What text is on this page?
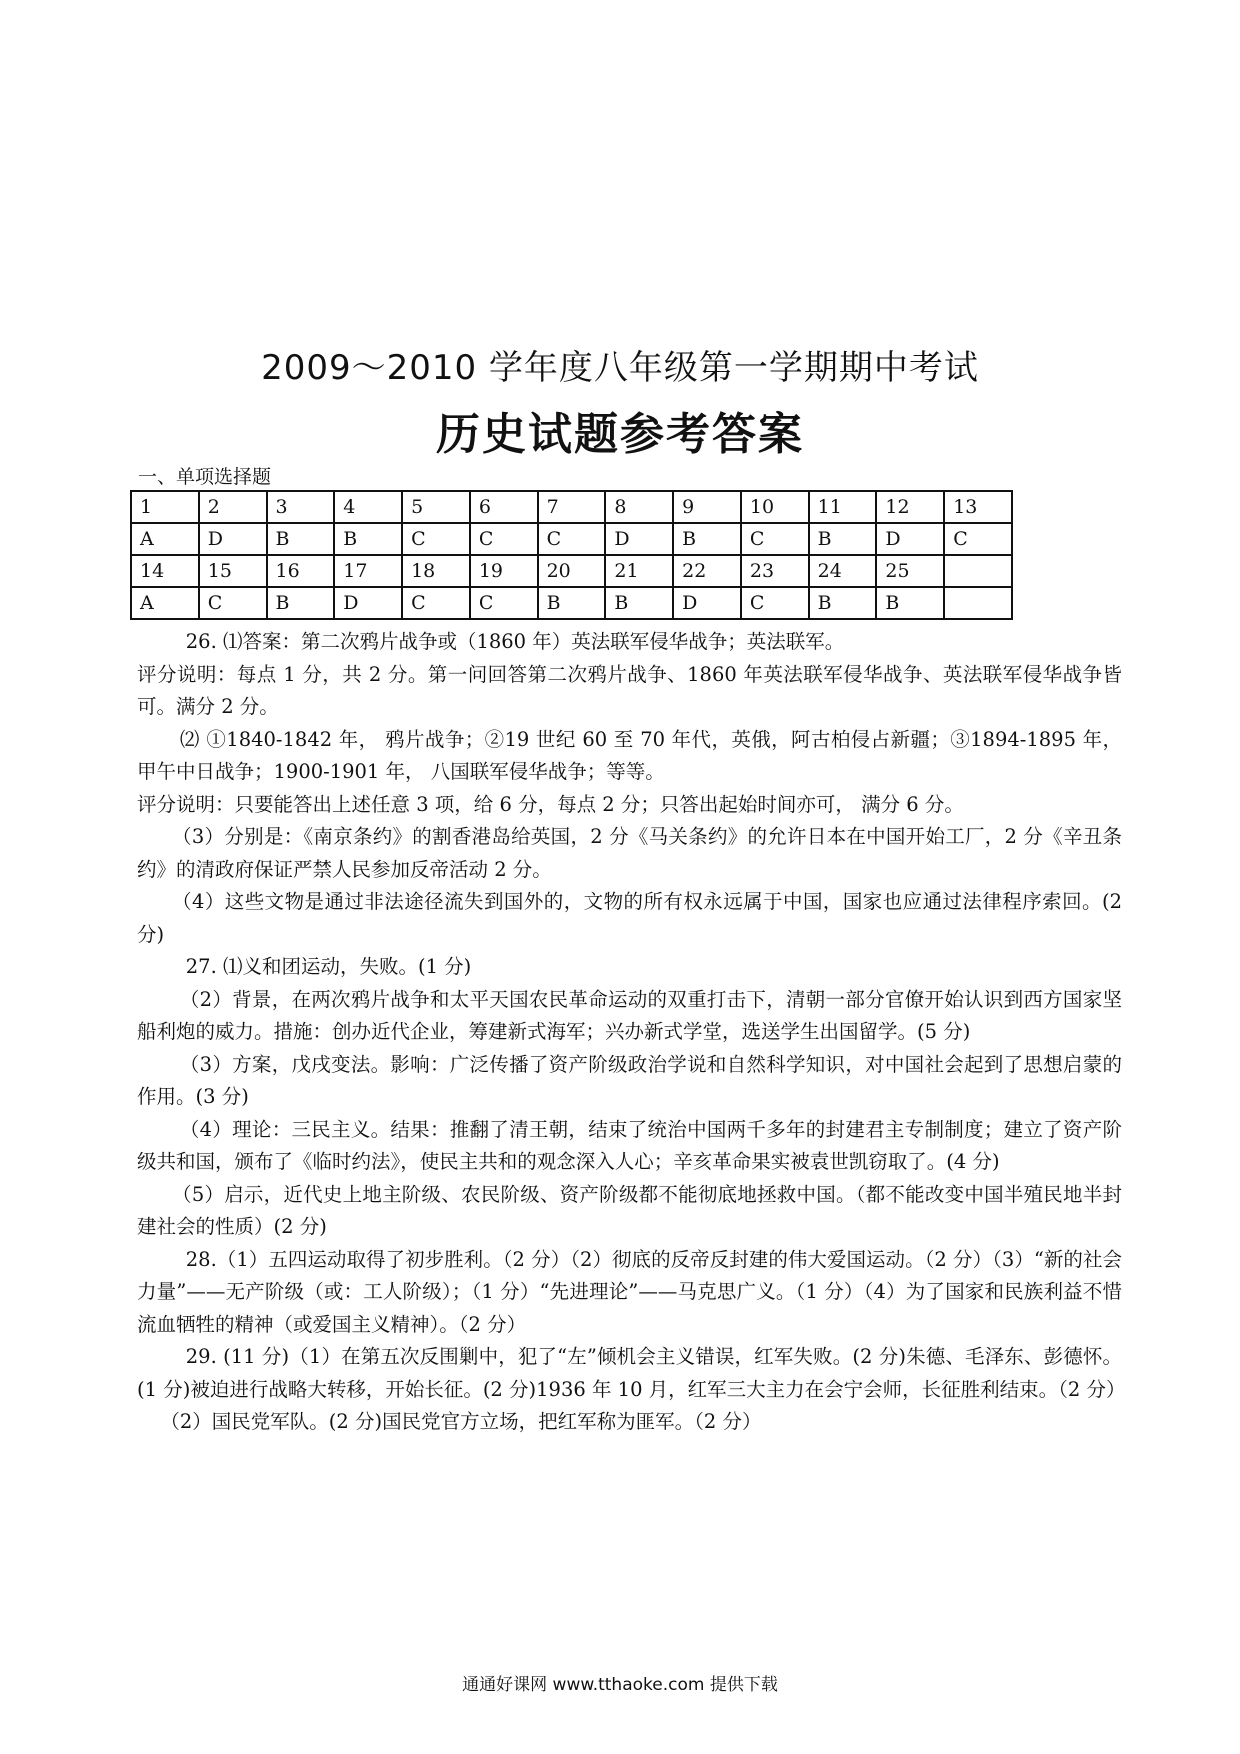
2009～2010 学年度八年级第一学期期中考试
历史试题参考答案
一、单项选择题
1	2	3	4	5	6	7	8	9	10	11	12	13
A	D	B	B	C	C	C	D	B	C	B	D	C
14	15	16	17	18	19	20	21	22	23	24	25	
A	C	B	D	C	C	B	B	D	C	B	B	

26. ⑴答案：第二次鸦片战争或（1860 年）英法联军侵华战争；英法联军。

评分说明：每点 1 分，共 2 分。第一问回答第二次鸦片战争、1860 年英法联军侵华战争、英法联军侵华战争皆可。满分 2 分。

⑵ ①1840-1842 年， 鸦片战争；②19 世纪 60 至 70 年代，英俄，阿古柏侵占新疆；③1894-1895 年，甲午中日战争；1900-1901 年， 八国联军侵华战争；等等。

评分说明：只要能答出上述任意 3 项，给 6 分，每点 2 分；只答出起始时间亦可， 满分 6 分。

（3）分别是：《南京条约》的割香港岛给英国，2 分《马关条约》的允许日本在中国开始工厂，2 分《辛丑条约》的清政府保证严禁人民参加反帝活动 2 分。

（4）这些文物是通过非法途径流失到国外的，文物的所有权永远属于中国，国家也应通过法律程序索回。(2 分)

27. ⑴义和团运动，失败。(1 分)

（2）背景，在两次鸦片战争和太平天国农民革命运动的双重打击下，清朝一部分官僚开始认识到西方国家坚船利炮的威力。措施：创办近代企业，筹建新式海军；兴办新式学堂，选送学生出国留学。(5 分)

（3）方案，戊戌变法。影响：广泛传播了资产阶级政治学说和自然科学知识，对中国社会起到了思想启蒙的作用。(3 分)

（4）理论：三民主义。结果：推翻了清王朝，结束了统治中国两千多年的封建君主专制制度；建立了资产阶级共和国，颁布了《临时约法》，使民主共和的观念深入人心；辛亥革命果实被袁世凯窃取了。(4 分)

（5）启示，近代史上地主阶级、农民阶级、资产阶级都不能彻底地拯救中国。（都不能改变中国半殖民地半封建社会的性质）(2 分)

28.（1）五四运动取得了初步胜利。（2 分）（2）彻底的反帝反封建的伟大爱国运动。（2 分）（3）“新的社会力量”——无产阶级（或：工人阶级）；（1 分）“先进理论”——马克思广义。（1 分）（4）为了国家和民族利益不惜流血牺牲的精神（或爱国主义精神）。（2 分）

29. (11 分)（1）在第五次反围剿中，犯了“左”倾机会主义错误，红军失败。(2 分)朱德、毛泽东、彭德怀。(1 分)被迫进行战略大转移，开始长征。(2 分)1936 年 10 月，红军三大主力在会宁会师，长征胜利结束。（2 分）

（2）国民党军队。(2 分)国民党官方立场，把红军称为匪军。（2 分）

通通好课网 www.tthaoke.com 提供下载
